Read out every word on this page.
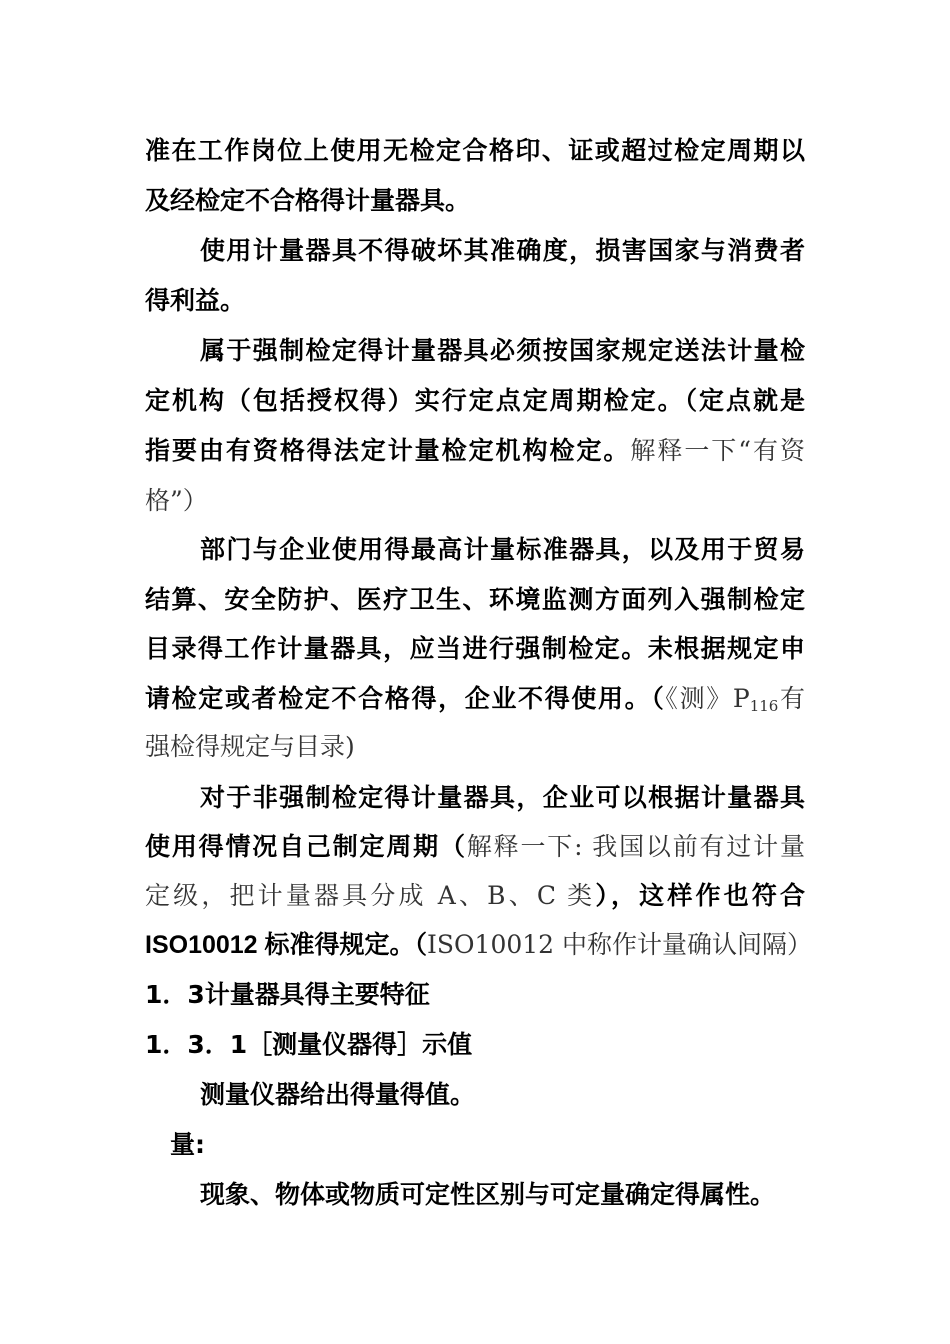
准在工作岗位上使用无检定合格印、证或超过检定周期以
及经检定不合格得计量器具。
使用计量器具不得破坏其准确度，损害国家与消费者
得利益。
属于强制检定得计量器具必须按国家规定送法计量检
定机构（包括授权得）实行定点定周期检定。（定点就是
指要由有资格得法定计量检定机构检定。解释一下“有资
格”）
部门与企业使用得最高计量标准器具，以及用于贸易
结算、安全防护、医疗卫生、环境监测方面列入强制检定
目录得工作计量器具，应当进行强制检定。未根据规定申
请检定或者检定不合格得，企业不得使用。（《测》$P_{116}$有
强检得规定与目录)
对于非强制检定得计量器具，企业可以根据计量器具
使用得情况自己制定周期（解释一下: 我国以前有过计量
定级，把计量器具分成 A、B、C 类），这样作也符合
ISO10012 标准得规定。（ISO10012 中称作计量确认间隔）
1．3计量器具得主要特征
1．3．1［测量仪器得］示值
测量仪器给出得量得值。
量:
现象、物体或物质可定性区别与可定量确定得属性。
